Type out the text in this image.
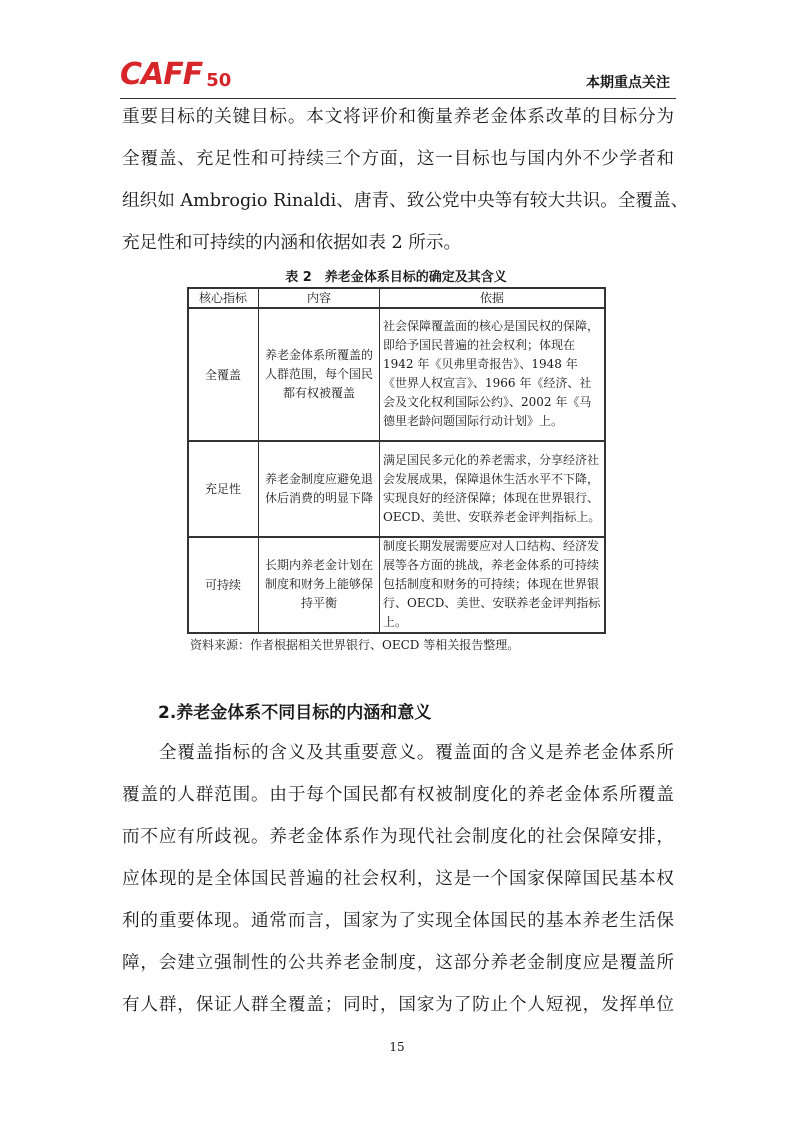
CAFF 50	本期重点关注
重要目标的关键目标。本文将评价和衡量养老金体系改革的目标分为
全覆盖、充足性和可持续三个方面，这一目标也与国内外不少学者和
组织如 Ambrogio Rinaldi、唐青、致公党中央等有较大共识。全覆盖、
充足性和可持续的内涵和依据如表 2 所示。
表 2　养老金体系目标的确定及其含义
核心指标	内容	依据
全覆盖	养老金体系所覆盖的人群范围，每个国民都有权被覆盖	社会保障覆盖面的核心是国民权的保障，即给予国民普遍的社会权利；体现在 1942 年《贝弗里奇报告》、1948 年《世界人权宣言》、1966 年《经济、社会及文化权利国际公约》、2002 年《马德里老龄问题国际行动计划》上。
充足性	养老金制度应避免退休后消费的明显下降	满足国民多元化的养老需求，分享经济社会发展成果，保障退休生活水平不下降，实现良好的经济保障；体现在世界银行、OECD、美世、安联养老金评判指标上。
可持续	长期内养老金计划在制度和财务上能够保持平衡	制度长期发展需要应对人口结构、经济发展等各方面的挑战，养老金体系的可持续包括制度和财务的可持续；体现在世界银行、OECD、美世、安联养老金评判指标上。
资料来源：作者根据相关世界银行、OECD 等相关报告整理。
2.养老金体系不同目标的内涵和意义
　　全覆盖指标的含义及其重要意义。覆盖面的含义是养老金体系所
覆盖的人群范围。由于每个国民都有权被制度化的养老金体系所覆盖
而不应有所歧视。养老金体系作为现代社会制度化的社会保障安排，
应体现的是全体国民普遍的社会权利，这是一个国家保障国民基本权
利的重要体现。通常而言，国家为了实现全体国民的基本养老生活保
障，会建立强制性的公共养老金制度，这部分养老金制度应是覆盖所
有人群，保证人群全覆盖；同时，国家为了防止个人短视，发挥单位
15
